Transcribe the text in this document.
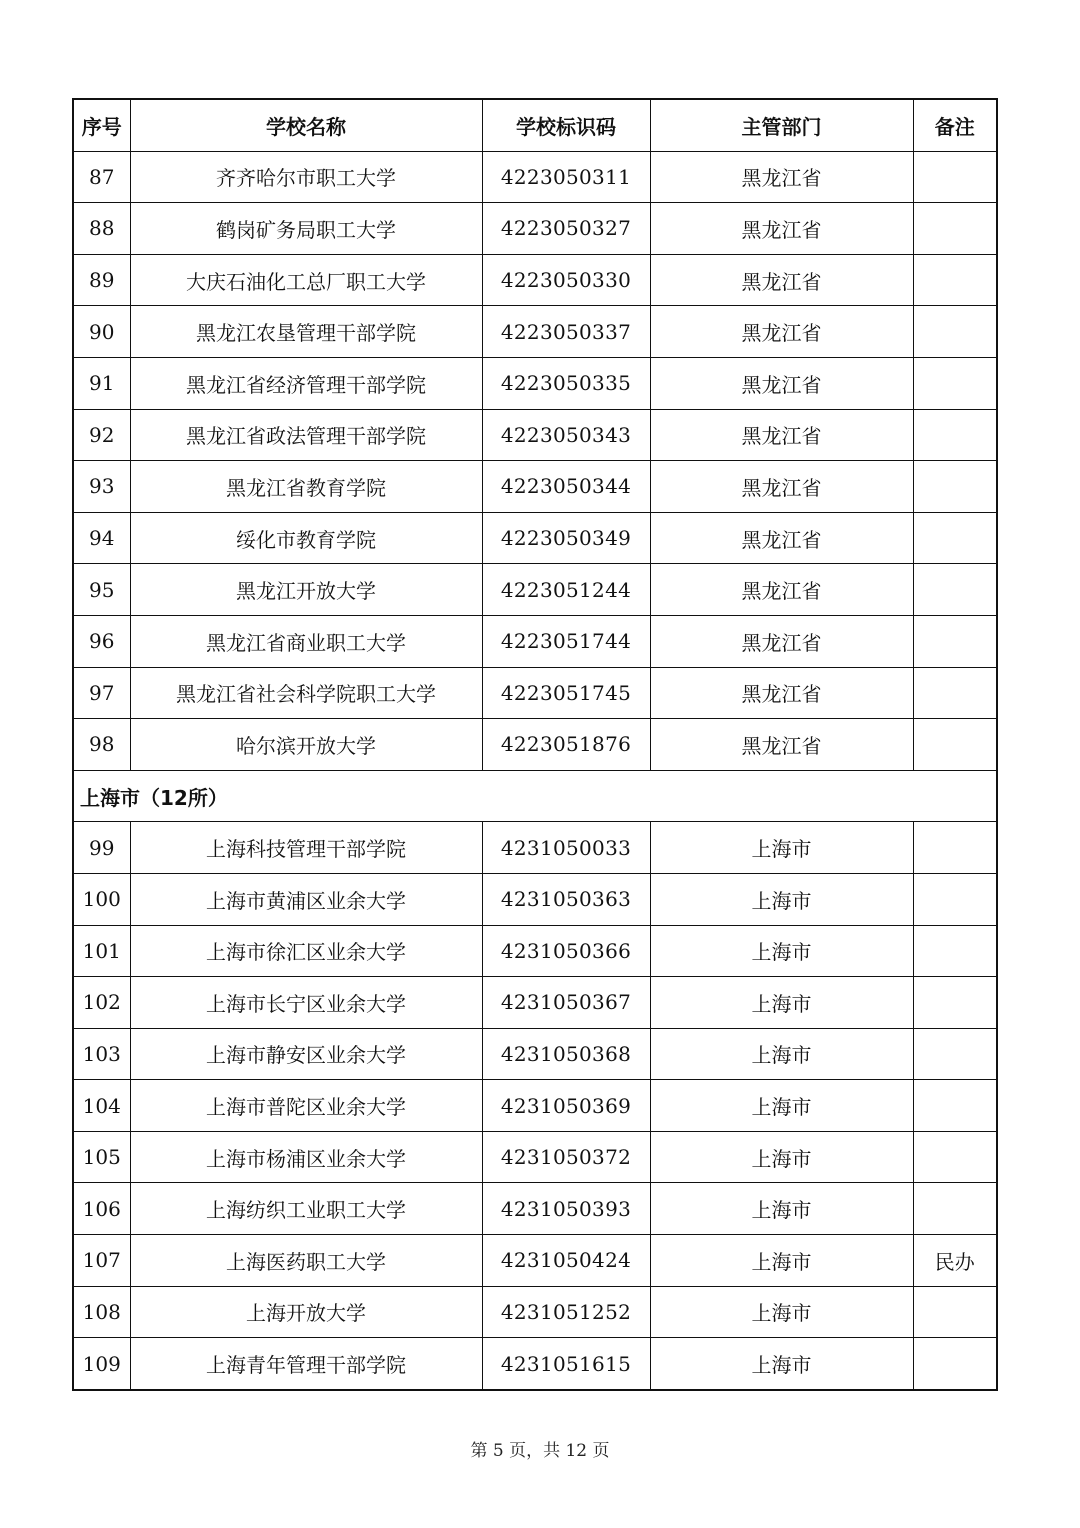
序号	学校名称	学校标识码	主管部门	备注
87	齐齐哈尔市职工大学	4223050311	黑龙江省	
88	鹤岗矿务局职工大学	4223050327	黑龙江省	
89	大庆石油化工总厂职工大学	4223050330	黑龙江省	
90	黑龙江农垦管理干部学院	4223050337	黑龙江省	
91	黑龙江省经济管理干部学院	4223050335	黑龙江省	
92	黑龙江省政法管理干部学院	4223050343	黑龙江省	
93	黑龙江省教育学院	4223050344	黑龙江省	
94	绥化市教育学院	4223050349	黑龙江省	
95	黑龙江开放大学	4223051244	黑龙江省	
96	黑龙江省商业职工大学	4223051744	黑龙江省	
97	黑龙江省社会科学院职工大学	4223051745	黑龙江省	
98	哈尔滨开放大学	4223051876	黑龙江省	
上海市（12所）				
99	上海科技管理干部学院	4231050033	上海市	
100	上海市黄浦区业余大学	4231050363	上海市	
101	上海市徐汇区业余大学	4231050366	上海市	
102	上海市长宁区业余大学	4231050367	上海市	
103	上海市静安区业余大学	4231050368	上海市	
104	上海市普陀区业余大学	4231050369	上海市	
105	上海市杨浦区业余大学	4231050372	上海市	
106	上海纺织工业职工大学	4231050393	上海市	
107	上海医药职工大学	4231050424	上海市	民办
108	上海开放大学	4231051252	上海市	
109	上海青年管理干部学院	4231051615	上海市	
第 5 页，共 12 页
